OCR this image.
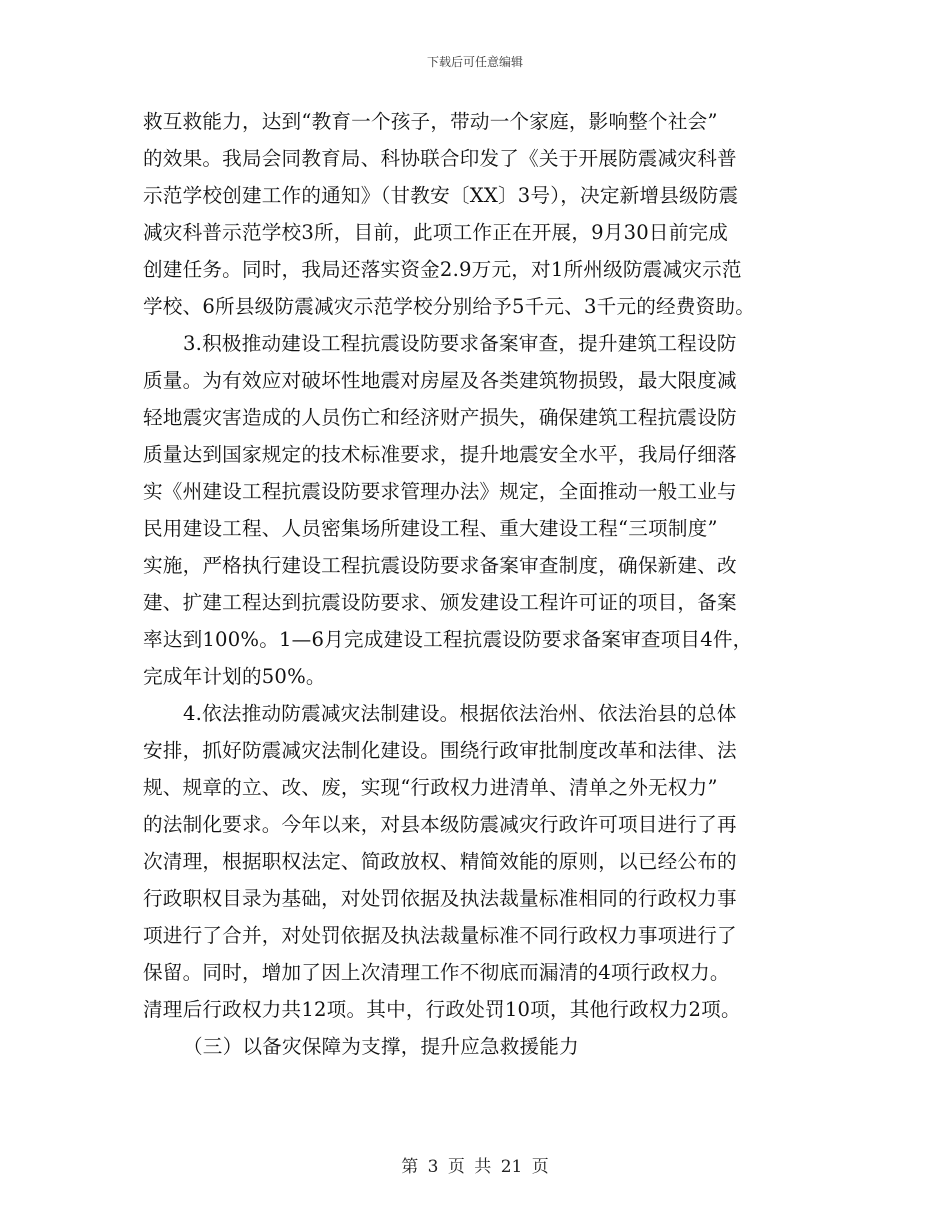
下载后可任意编辑
救互救能力，达到“教育一个孩子，带动一个家庭，影响整个社会”
的效果。我局会同教育局、科协联合印发了《关于开展防震减灾科普
示范学校创建工作的通知》（甘教安〔XX〕3号），决定新增县级防震
减灾科普示范学校3所，目前，此项工作正在开展，9月30日前完成
创建任务。同时，我局还落实资金2.9万元，对1所州级防震减灾示范
学校、6所县级防震减灾示范学校分别给予5千元、3千元的经费资助。
3.积极推动建设工程抗震设防要求备案审查，提升建筑工程设防
质量。为有效应对破坏性地震对房屋及各类建筑物损毁，最大限度减
轻地震灾害造成的人员伤亡和经济财产损失，确保建筑工程抗震设防
质量达到国家规定的技术标准要求，提升地震安全水平，我局仔细落
实《州建设工程抗震设防要求管理办法》规定，全面推动一般工业与
民用建设工程、人员密集场所建设工程、重大建设工程“三项制度”
实施，严格执行建设工程抗震设防要求备案审查制度，确保新建、改
建、扩建工程达到抗震设防要求、颁发建设工程许可证的项目，备案
率达到100%。1—6月完成建设工程抗震设防要求备案审查项目4件，
完成年计划的50%。
4.依法推动防震减灾法制建设。根据依法治州、依法治县的总体
安排，抓好防震减灾法制化建设。围绕行政审批制度改革和法律、法
规、规章的立、改、废，实现“行政权力进清单、清单之外无权力”
的法制化要求。今年以来，对县本级防震减灾行政许可项目进行了再
次清理，根据职权法定、简政放权、精简效能的原则，以已经公布的
行政职权目录为基础，对处罚依据及执法裁量标准相同的行政权力事
项进行了合并，对处罚依据及执法裁量标准不同行政权力事项进行了
保留。同时，增加了因上次清理工作不彻底而漏清的4项行政权力。
清理后行政权力共12项。其中，行政处罚10项，其他行政权力2项。
（三）以备灾保障为支撑，提升应急救援能力
第 3 页 共 21 页
